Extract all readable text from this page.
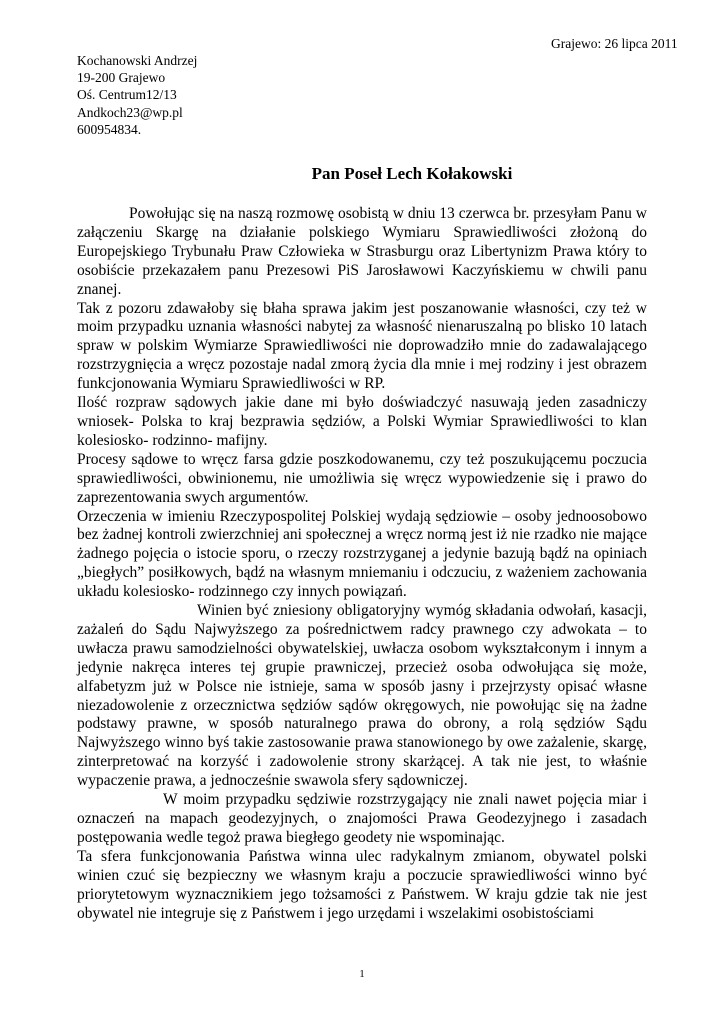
Grajewo: 26 lipca 2011
Kochanowski Andrzej
19-200 Grajewo
Oś. Centrum12/13
Andkoch23@wp.pl
600954834.
Pan Poseł Lech Kołakowski

Powołując się na naszą rozmowę osobistą w dniu 13 czerwca br. przesyłam Panu w załączeniu Skargę na działanie polskiego Wymiaru Sprawiedliwości złożoną do Europejskiego Trybunału Praw Człowieka w Strasburgu oraz Libertynizm Prawa który to osobiście przekazałem panu Prezesowi PiS Jarosławowi Kaczyńskiemu w chwili panu znanej.

Tak z pozoru zdawałoby się błaha sprawa jakim jest poszanowanie własności, czy też w moim przypadku uznania własności nabytej za własność nienaruszalną po blisko 10 latach spraw w polskim Wymiarze Sprawiedliwości nie doprowadziło mnie do zadawalającego rozstrzygnięcia a wręcz pozostaje nadal zmorą życia dla mnie i mej rodziny i jest obrazem funkcjonowania Wymiaru Sprawiedliwości w RP.

Ilość rozpraw sądowych jakie dane mi było doświadczyć nasuwają jeden zasadniczy wniosek- Polska to kraj bezprawia sędziów, a Polski Wymiar Sprawiedliwości to klan kolesiosko- rodzinno- mafijny.

Procesy sądowe to wręcz farsa gdzie poszkodowanemu, czy też poszukującemu poczucia sprawiedliwości, obwinionemu, nie umożliwia się wręcz wypowiedzenie się i prawo do zaprezentowania swych argumentów.

Orzeczenia w imieniu Rzeczypospolitej Polskiej wydają sędziowie – osoby jednoosobowo bez żadnej kontroli zwierzchniej ani społecznej a wręcz normą jest iż nie rzadko nie mające żadnego pojęcia o istocie sporu, o rzeczy rozstrzyganej a jedynie bazują bądź na opiniach „biegłych” posiłkowych, bądź na własnym mniemaniu i odczuciu, z ważeniem zachowania układu kolesiosko- rodzinnego czy innych powiązań.

Winien być zniesiony obligatoryjny wymóg składania odwołań, kasacji, zażaleń do Sądu Najwyższego za pośrednictwem radcy prawnego czy adwokata – to uwłacza prawu samodzielności obywatelskiej, uwłacza osobom wykształconym i innym a jedynie nakręca interes tej grupie prawniczej, przecież osoba odwołująca się może, alfabetyzm już w Polsce nie istnieje, sama w sposób jasny i przejrzysty opisać własne niezadowolenie z orzecznictwa sędziów sądów okręgowych, nie powołując się na żadne podstawy prawne, w sposób naturalnego prawa do obrony, a rolą sędziów Sądu Najwyższego winno byś takie zastosowanie prawa stanowionego by owe zażalenie, skargę, zinterpretować na korzyść i zadowolenie strony skarżącej. A tak nie jest, to właśnie wypaczenie prawa, a jednocześnie swawola sfery sądowniczej.

W moim przypadku sędziwie rozstrzygający nie znali nawet pojęcia miar i oznaczeń na mapach geodezyjnych, o znajomości Prawa Geodezyjnego i zasadach postępowania wedle tegoż prawa biegłego geodety nie wspominając.

Ta sfera funkcjonowania Państwa winna ulec radykalnym zmianom, obywatel polski winien czuć się bezpieczny we własnym kraju a poczucie sprawiedliwości winno być priorytetowym wyznacznikiem jego tożsamości z Państwem. W kraju gdzie tak nie jest obywatel nie integruje się z Państwem i jego urzędami i wszelakimi osobistościami

1
